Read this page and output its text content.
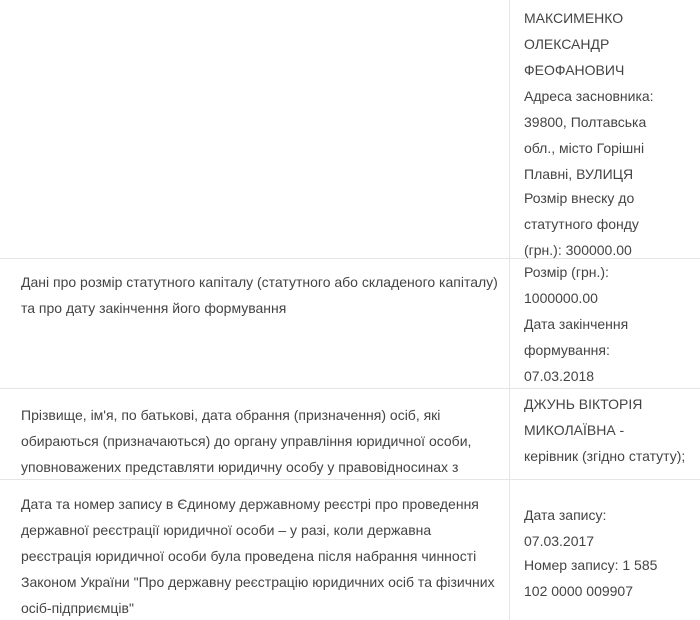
МАКСИМЕНКО
ОЛЕКСАНДР
ФЕОФАНОВИЧ
Адреса засновника:
39800, Полтавська
обл., місто Горішні
Плавні, ВУЛИЦЯ
Розмір внеску до
статутного фонду
(грн.): 300000.00
Дані про розмір статутного капіталу (статутного або складеного капіталу)
та про дату закінчення його формування
Розмір (грн.):
1000000.00
Дата закінчення
формування:
07.03.2018
Прізвище, ім'я, по батькові, дата обрання (призначення) осіб, які
обираються (призначаються) до органу управління юридичної особи,
уповноважених представляти юридичну особу у правовідносинах з
ДЖУНЬ ВІКТОРІЯ
МИКОЛАЇВНА -
керівник (згідно статуту);
Дата та номер запису в Єдиному державному реєстрі про проведення
державної реєстрації юридичної особи – у разі, коли державна
реєстрація юридичної особи була проведена після набрання чинності
Законом України "Про державну реєстрацію юридичних осіб та фізичних
осіб-підприємців"
Дата запису:
07.03.2017
Номер запису: 1 585
102 0000 009907
